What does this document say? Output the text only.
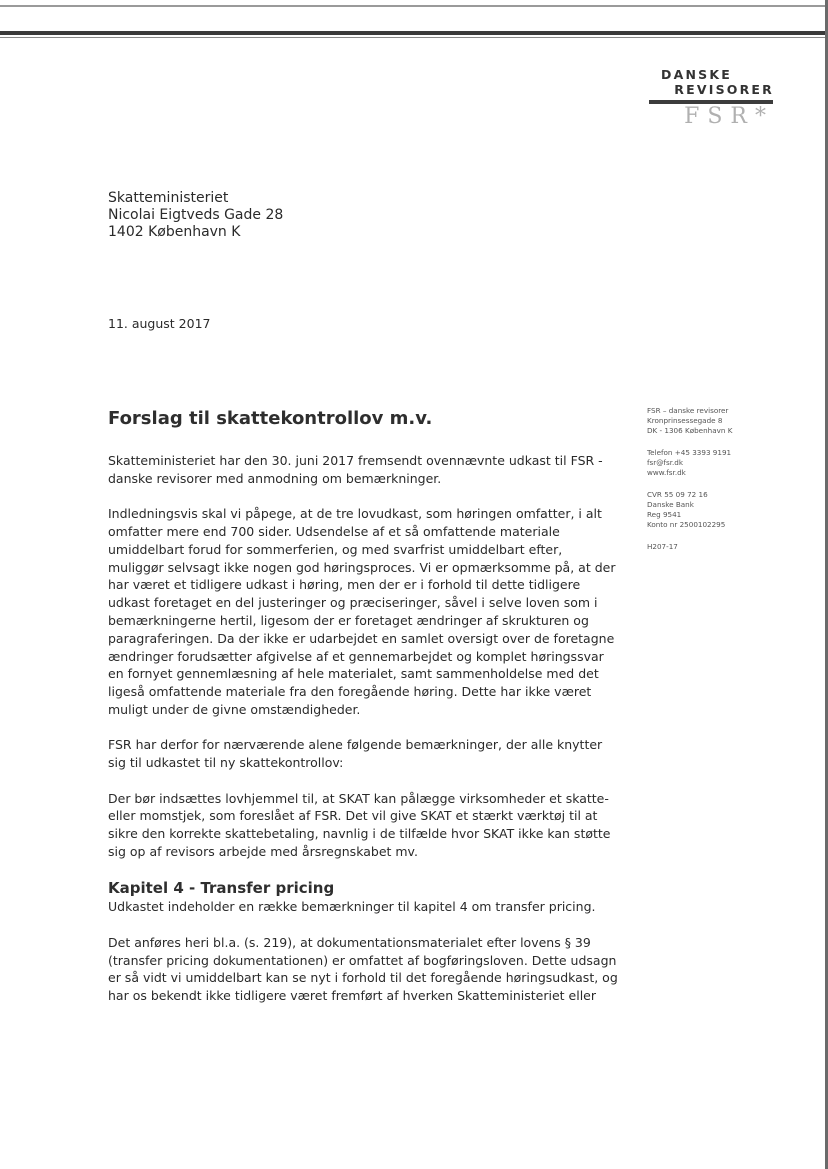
DANSKE
REVISORER
FSR*
Skatteministeriet
Nicolai Eigtveds Gade 28
1402 København K
11. august 2017
Forslag til skattekontrollov m.v.	FSR – danske revisorer
Kronprinsessegade 8
DK - 1306 København K
Telefon +45 3393 9191
fsr@fsr.dk
www.fsr.dk
CVR 55 09 72 16
Danske Bank
Reg 9541
Konto nr 2500102295
H207-17

Skatteministeriet har den 30. juni 2017 fremsendt ovennævnte udkast til FSR -
danske revisorer med anmodning om bemærkninger.

Indledningsvis skal vi påpege, at de tre lovudkast, som høringen omfatter, i alt
omfatter mere end 700 sider. Udsendelse af et så omfattende materiale
umiddelbart forud for sommerferien, og med svarfrist umiddelbart efter,
muliggør selvsagt ikke nogen god høringsproces. Vi er opmærksomme på, at der
har været et tidligere udkast i høring, men der er i forhold til dette tidligere
udkast foretaget en del justeringer og præciseringer, såvel i selve loven som i
bemærkningerne hertil, ligesom der er foretaget ændringer af skrukturen og
paragraferingen. Da der ikke er udarbejdet en samlet oversigt over de foretagne
ændringer forudsætter afgivelse af et gennemarbejdet og komplet høringssvar
en fornyet gennemlæsning af hele materialet, samt sammenholdelse med det
ligeså omfattende materiale fra den foregående høring. Dette har ikke været
muligt under de givne omstændigheder.

FSR har derfor for nærværende alene følgende bemærkninger, der alle knytter
sig til udkastet til ny skattekontrollov:

Der bør indsættes lovhjemmel til, at SKAT kan pålægge virksomheder et skatte-
eller momstjek, som foreslået af FSR. Det vil give SKAT et stærkt værktøj til at
sikre den korrekte skattebetaling, navnlig i de tilfælde hvor SKAT ikke kan støtte
sig op af revisors arbejde med årsregnskabet mv.

Kapitel 4 - Transfer pricing

Udkastet indeholder en række bemærkninger til kapitel 4 om transfer pricing.

Det anføres heri bl.a. (s. 219), at dokumentationsmaterialet efter lovens § 39
(transfer pricing dokumentationen) er omfattet af bogføringsloven. Dette udsagn
er så vidt vi umiddelbart kan se nyt i forhold til det foregående høringsudkast, og
har os bekendt ikke tidligere været fremført af hverken Skatteministeriet eller
